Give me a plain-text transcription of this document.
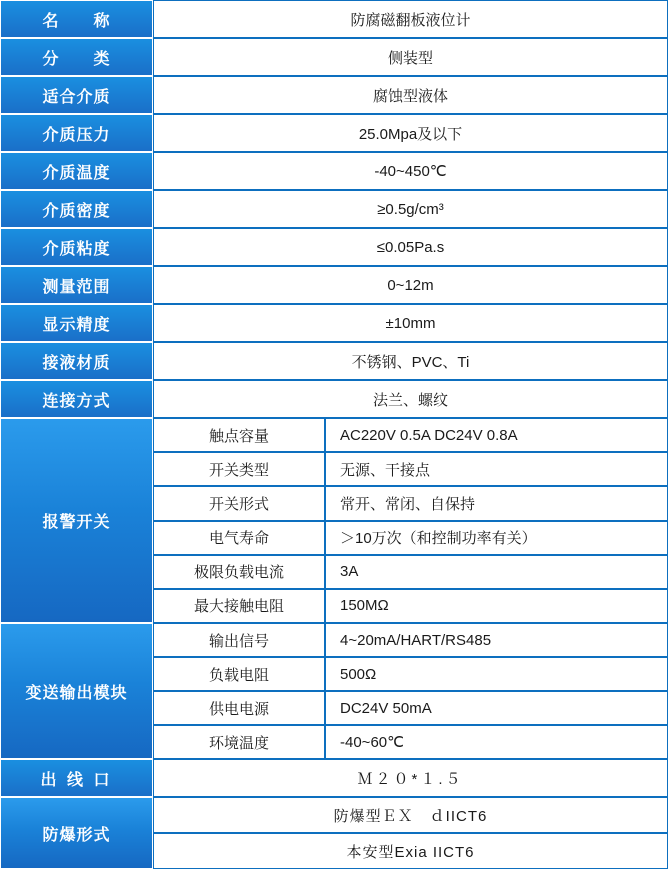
名　　称	防腐磁翻板液位计
分　　类	侧装型
适合介质	腐蚀型液体
介质压力	25.0Mpa及以下
介质温度	-40~450℃
介质密度	≥0.5g/cm³
介质粘度	≤0.05Pa.s
测量范围	0~12m
显示精度	±10mm
接液材质	不锈钢、PVC、Ti
连接方式	法兰、螺纹
报警开关
触点容量	AC220V 0.5A DC24V 0.8A
开关类型	无源、干接点
开关形式	常开、常闭、自保持
电气寿命	＞10万次（和控制功率有关）
极限负载电流	3A
最大接触电阻	150MΩ
变送输出模块
输出信号	4~20mA/HART/RS485
负载电阻	500Ω
供电电源	DC24V 50mA
环境温度	-40~60℃
出 线 口	Ｍ２０*１.５
防爆形式
防爆型ＥＸ　ｄIICT6
本安型Exia IICT6
